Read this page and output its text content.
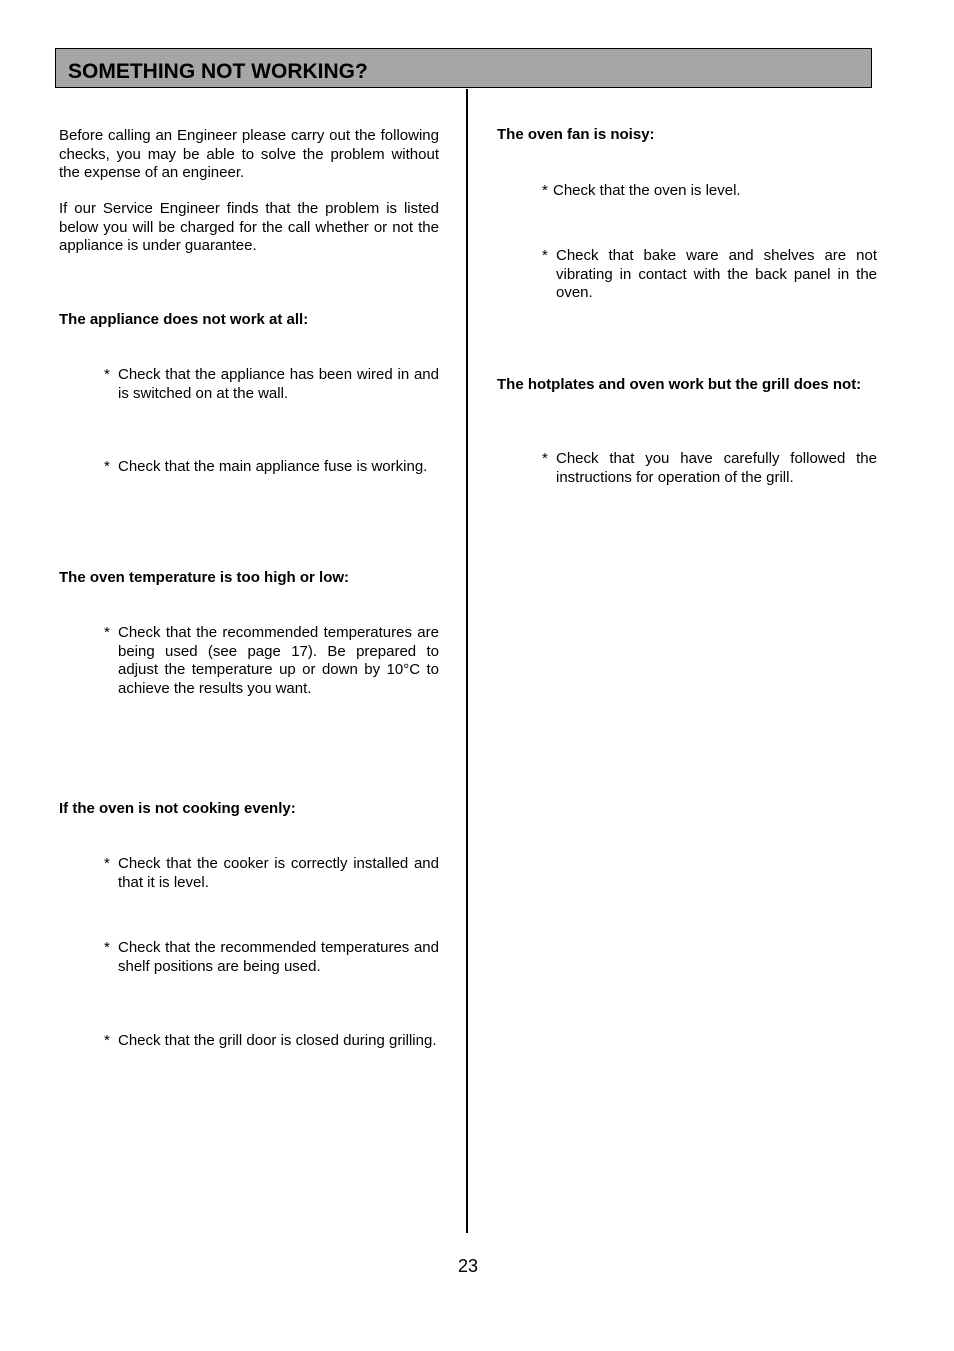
SOMETHING NOT WORKING?

Before calling an Engineer please carry out the following checks, you may be able to solve the problem without the expense of an engineer.

If our Service Engineer finds that the problem is listed below you will be charged for the call whether or not the appliance is under guarantee.

The appliance does not work at all:

* Check that the appliance has been wired in and is switched on at the wall.
* Check that the main appliance fuse is working.

The oven temperature is too high or low:

* Check that the recommended temperatures are being used (see page 17). Be prepared to adjust the temperature up or down by 10°C to achieve the results you want.

If the oven is not cooking evenly:

* Check that the cooker is correctly installed and that it is level.
* Check that the recommended temperatures and shelf positions are being used.
* Check that the grill door is closed during grilling.

The oven fan is noisy:

* Check that the oven is level.
* Check that bake ware and shelves are not vibrating in contact with the back panel in the oven.

The hotplates and oven work but the grill does not:

* Check that you have carefully followed the instructions for operation of the grill.
23
